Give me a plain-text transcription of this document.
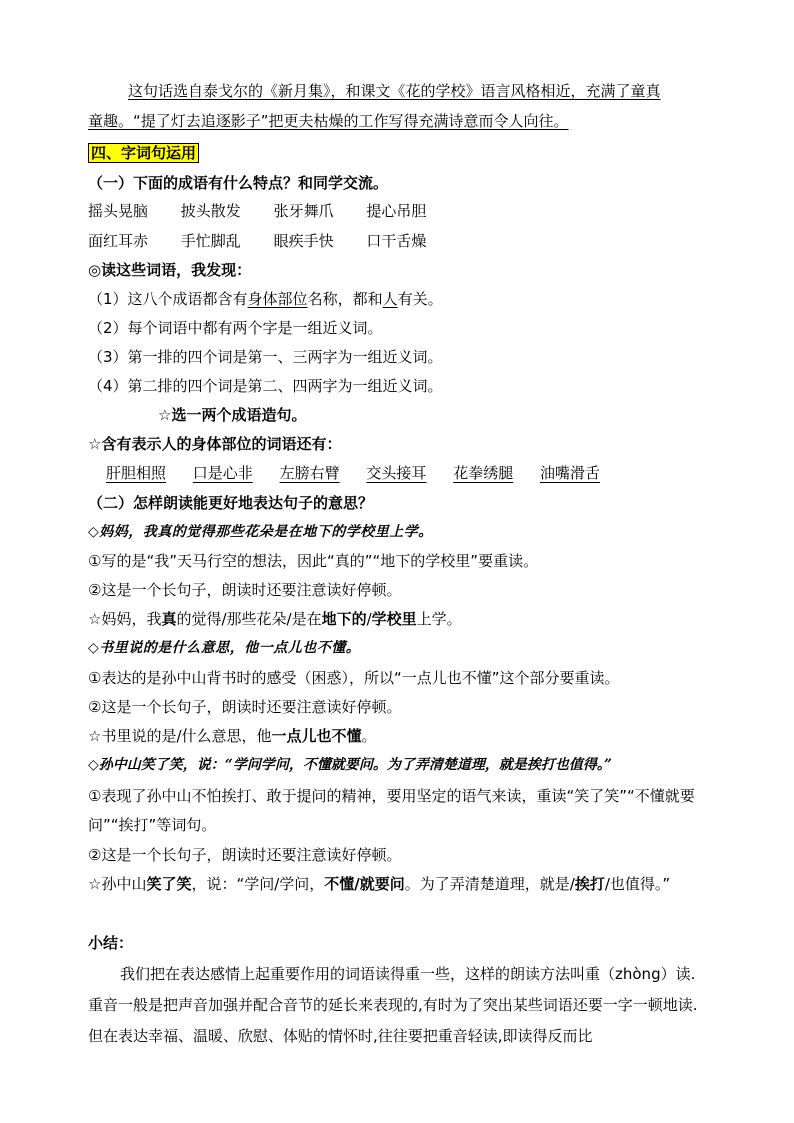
这句话选自泰戈尔的《新月集》，和课文《花的学校》语言风格相近，充满了童真
童趣。“提了灯去追逐影子”把更夫枯燥的工作写得充满诗意而令人向往。
四、字词句运用
（一）下面的成语有什么特点？和同学交流。
摇头晃脑 披头散发 张牙舞爪 提心吊胆
面红耳赤 手忙脚乱 眼疾手快 口干舌燥
◎读这些词语，我发现：
（1）这八个成语都含有身体部位名称，都和人有关。
（2）每个词语中都有两个字是一组近义词。
（3）第一排的四个词是第一、三两字为一组近义词。
（4）第二排的四个词是第二、四两字为一组近义词。
☆选一两个成语造句。
☆含有表示人的身体部位的词语还有：
肝胆相照 口是心非 左膀右臂 交头接耳 花拳绣腿 油嘴滑舌
（二）怎样朗读能更好地表达句子的意思？
◇妈妈，我真的觉得那些花朵是在地下的学校里上学。
①写的是“我”天马行空的想法，因此“真的”“地下的学校里”要重读。
②这是一个长句子，朗读时还要注意读好停顿。
☆妈妈，我真的觉得/那些花朵/是在地下的/学校里上学。
◇书里说的是什么意思，他一点儿也不懂。
①表达的是孙中山背书时的感受（困惑），所以“一点儿也不懂”这个部分要重读。
②这是一个长句子，朗读时还要注意读好停顿。
☆书里说的是/什么意思，他一点儿也不懂。
◇孙中山笑了笑，说：“学问学问，不懂就要问。为了弄清楚道理，就是挨打也值得。”
①表现了孙中山不怕挨打、敢于提问的精神，要用坚定的语气来读，重读“笑了笑”“不懂就要问”“挨打”等词句。
②这是一个长句子，朗读时还要注意读好停顿。
☆孙中山笑了笑，说：“学问/学问，不懂/就要问。为了弄清楚道理，就是/挨打/也值得。”
小结：
我们把在表达感情上起重要作用的词语读得重一些，这样的朗读方法叫重（zhòng）读.重音一般是把声音加强并配合音节的延长来表现的,有时为了突出某些词语还要一字一顿地读.但在表达幸福、温暖、欣慰、体贴的情怀时,往往要把重音轻读,即读得反而比
